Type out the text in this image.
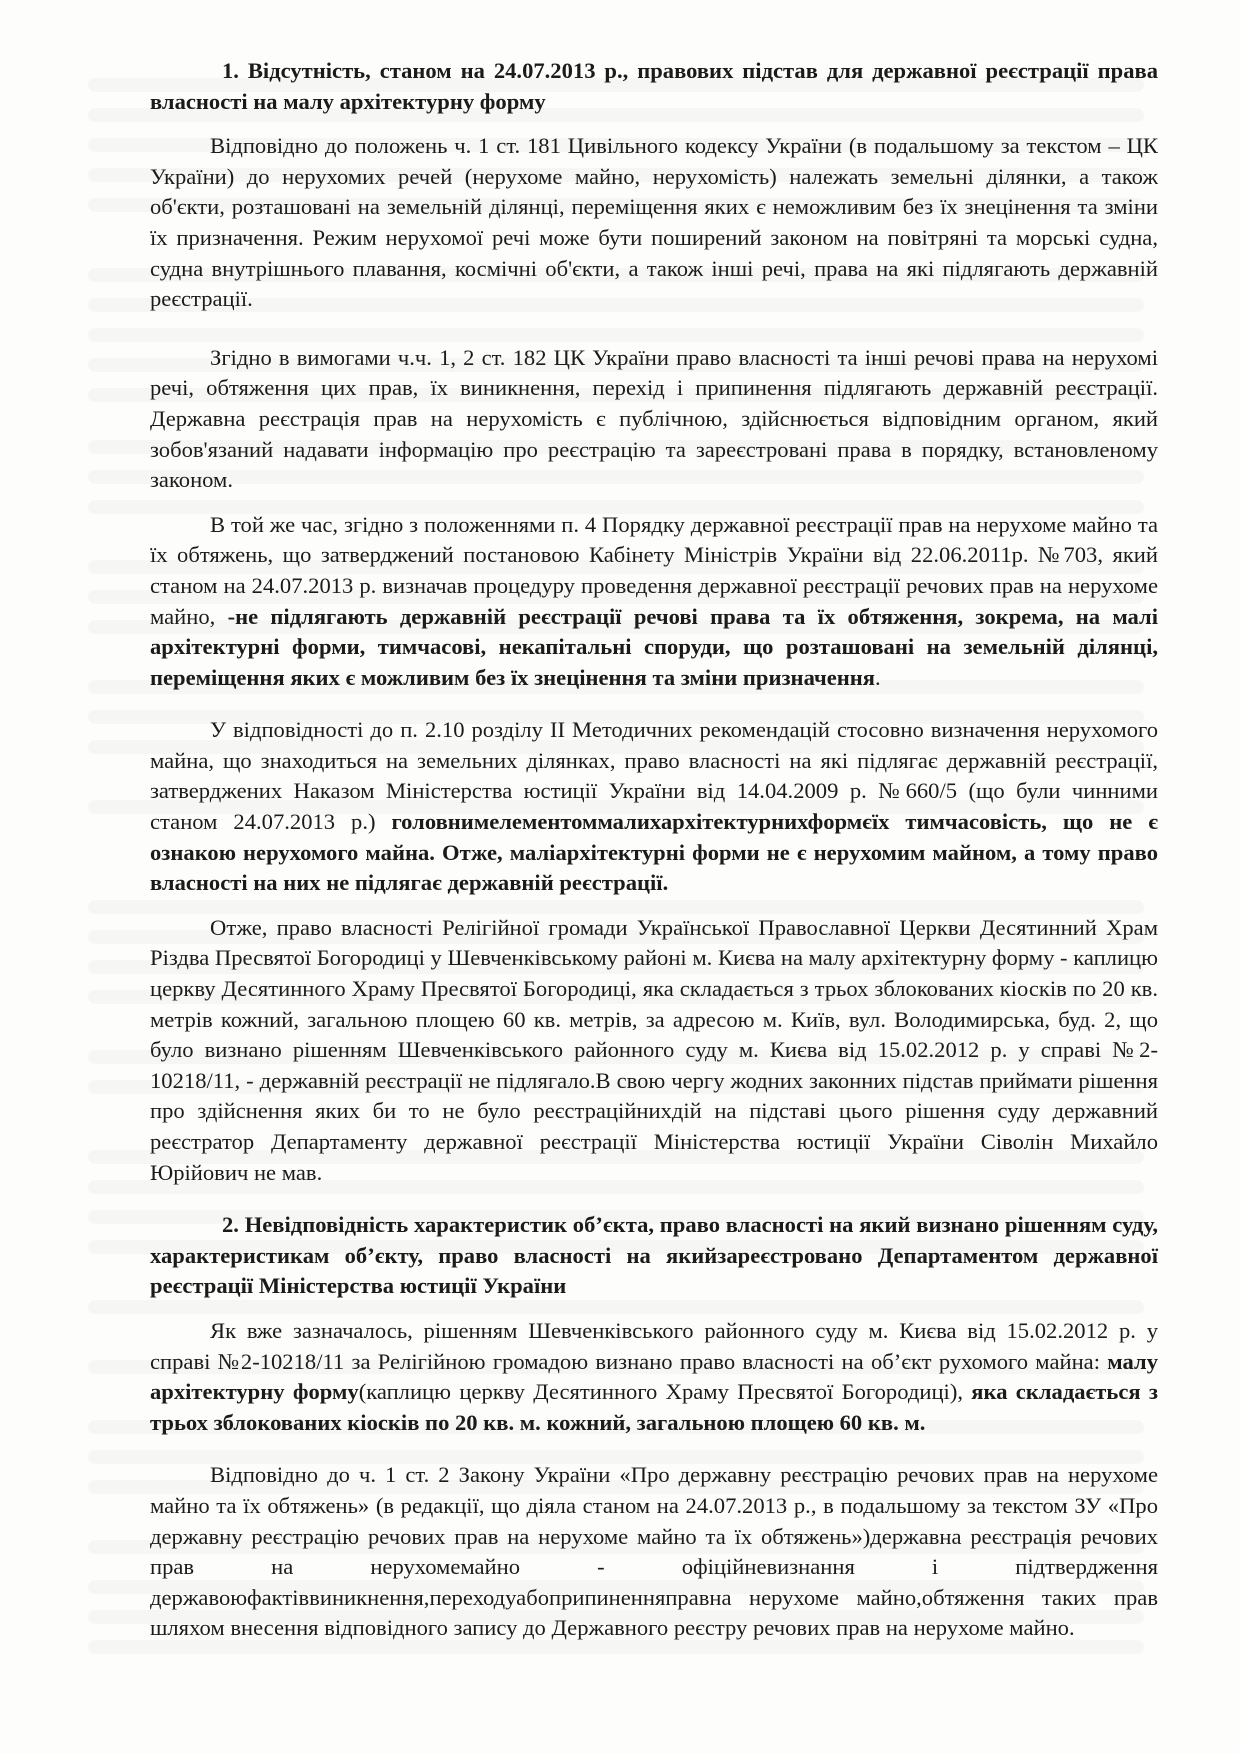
1. Відсутність, станом на 24.07.2013 р., правових підстав для державної реєстрації права власності на малу архітектурну форму

Відповідно до положень ч. 1 ст. 181 Цивільного кодексу України (в подальшому за текстом – ЦК України) до нерухомих речей (нерухоме майно, нерухомість) належать земельні ділянки, а також об'єкти, розташовані на земельній ділянці, переміщення яких є неможливим без їх знецінення та зміни їх призначення. Режим нерухомої речі може бути поширений законом на повітряні та морські судна, судна внутрішнього плавання, космічні об'єкти, а також інші речі, права на які підлягають державній реєстрації.

Згідно в вимогами ч.ч. 1, 2 ст. 182 ЦК України право власності та інші речові права на нерухомі речі, обтяження цих прав, їх виникнення, перехід і припинення підлягають державній реєстрації. Державна реєстрація прав на нерухомість є публічною, здійснюється відповідним органом, який зобов'язаний надавати інформацію про реєстрацію та зареєстровані права в порядку, встановленому законом.

В той же час, згідно з положеннями п. 4 Порядку державної реєстрації прав на нерухоме майно та їх обтяжень, що затверджений постановою Кабінету Міністрів України від 22.06.2011р. №703, який станом на 24.07.2013 р. визначав процедуру проведення державної реєстрації речових прав на нерухоме майно, -не підлягають державній реєстрації речові права та їх обтяження, зокрема, на малі архітектурні форми, тимчасові, некапітальні споруди, що розташовані на земельній ділянці, переміщення яких є можливим без їх знецінення та зміни призначення.

У відповідності до п. 2.10 розділу ІІ Методичних рекомендацій стосовно визначення нерухомого майна, що знаходиться на земельних ділянках, право власності на які підлягає державній реєстрації, затверджених Наказом Міністерства юстиції України від 14.04.2009 р. №660/5 (що були чинними станом 24.07.2013 р.) головнимелементоммалихархітектурнихформєїх тимчасовість, що не є ознакою нерухомого майна. Отже, маліархітектурні форми не є нерухомим майном, а тому право власності на них не підлягає державній реєстрації.

Отже, право власності Релігійної громади Української Православної Церкви Десятинний Храм Різдва Пресвятої Богородиці у Шевченківському районі м. Києва на малу архітектурну форму - каплицю церкву Десятинного Храму Пресвятої Богородиці, яка складається з трьох зблокованих кіосків по 20 кв. метрів кожний, загальною площею 60 кв. метрів, за адресою м. Київ, вул. Володимирська, буд. 2, що було визнано рішенням Шевченківського районного суду м. Києва від 15.02.2012 р. у справі №2-10218/11, - державній реєстрації не підлягало.В свою чергу жодних законних підстав приймати рішення про здійснення яких би то не було реєстраційнихдій на підставі цього рішення суду державний реєстратор Департаменту державної реєстрації Міністерства юстиції України Сіволін Михайло Юрійович не мав.

2. Невідповідність характеристик об’єкта, право власності на який визнано рішенням суду, характеристикам об’єкту, право власності на якийзареєстровано Департаментом державної реєстрації Міністерства юстиції України

Як вже зазначалось, рішенням Шевченківського районного суду м. Києва від 15.02.2012 р. у справі №2-10218/11 за Релігійною громадою визнано право власності на об’єкт рухомого майна: малу архітектурну форму(каплицю церкву Десятинного Храму Пресвятої Богородиці), яка складається з трьох зблокованих кіосків по 20 кв. м. кожний, загальною площею 60 кв. м.

Відповідно до ч. 1 ст. 2 Закону України «Про державну реєстрацію речових прав на нерухоме майно та їх обтяжень» (в редакції, що діяла станом на 24.07.2013 р., в подальшому за текстом ЗУ «Про державну реєстрацію речових прав на нерухоме майно та їх обтяжень»)державна реєстрація речових прав на нерухомемайно - офіційневизнання і підтвердження державоюфактіввиникнення,переходуабоприпиненняправна нерухоме майно,обтяження таких прав шляхом внесення відповідного запису до Державного реєстру речових прав на нерухоме майно.
